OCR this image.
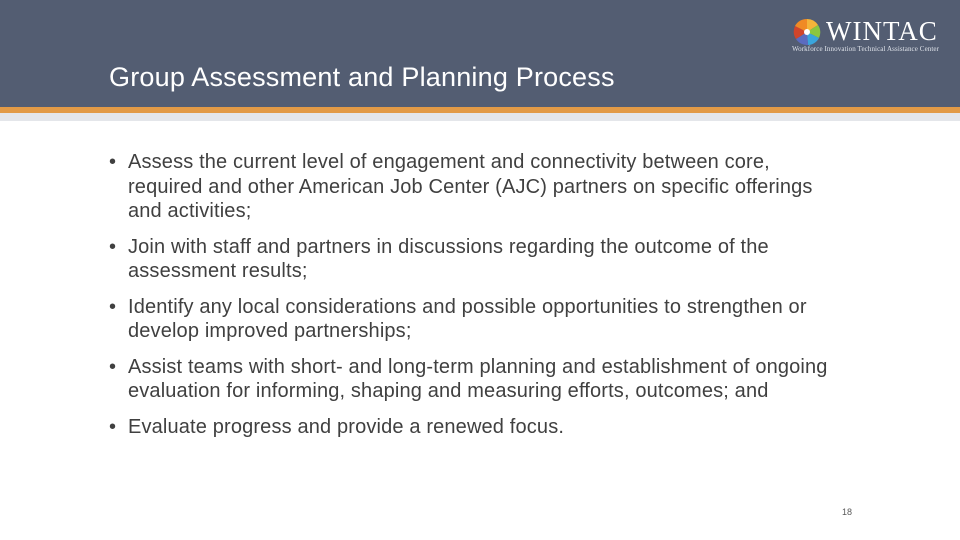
WINTAC
Workforce Innovation Technical Assistance Center
Group Assessment and Planning Process
• Assess the current level of engagement and connectivity between core, required and other American Job Center (AJC) partners on specific offerings and activities;
• Join with staff and partners in discussions regarding the outcome of the assessment results;
• Identify any local considerations and possible opportunities to strengthen or develop improved partnerships;
• Assist teams with short- and long-term planning and establishment of ongoing evaluation for informing, shaping and measuring efforts, outcomes; and
• Evaluate progress and provide a renewed focus.
18
